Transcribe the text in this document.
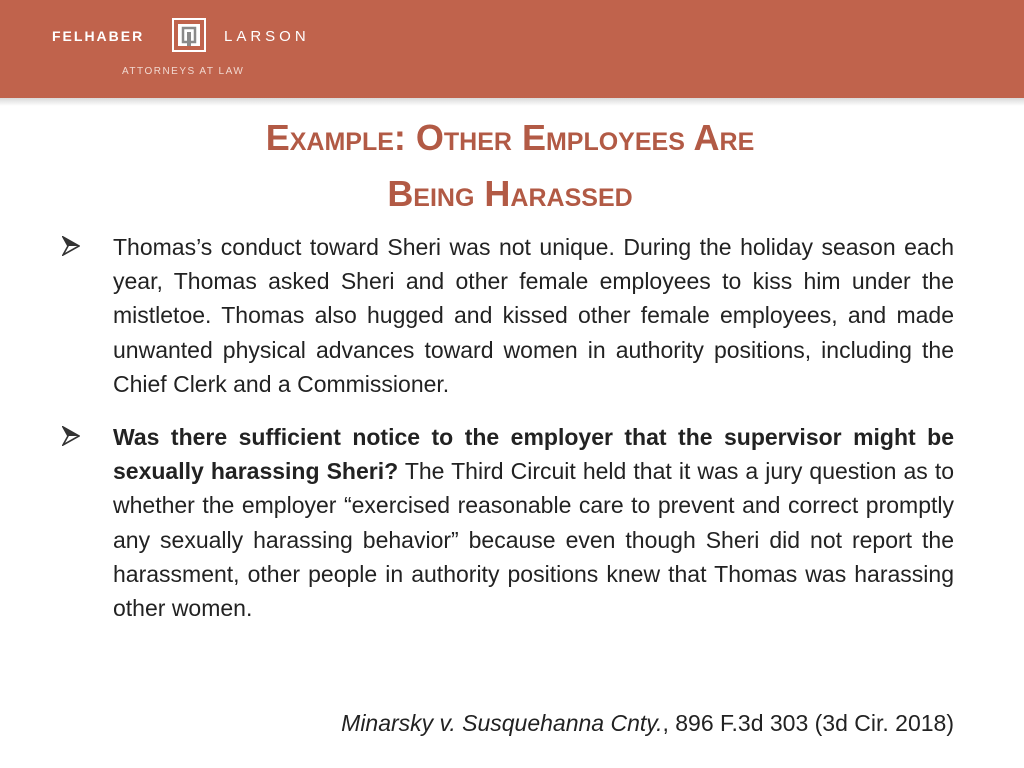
FELHABER	LARSON
ATTORNEYS AT LAW
Example: Other Employees Are
Being Harassed
Thomas’s conduct toward Sheri was not unique. During the holiday season each year, Thomas asked Sheri and other female employees to kiss him under the mistletoe. Thomas also hugged and kissed other female employees, and made unwanted physical advances toward women in authority positions, including the Chief Clerk and a Commissioner.
Was there sufficient notice to the employer that the supervisor might be sexually harassing Sheri? The Third Circuit held that it was a jury question as to whether the employer “exercised reasonable care to prevent and correct promptly any sexually harassing behavior” because even though Sheri did not report the harassment, other people in authority positions knew that Thomas was harassing other women.
Minarsky v. Susquehanna Cnty., 896 F.3d 303 (3d Cir. 2018)
